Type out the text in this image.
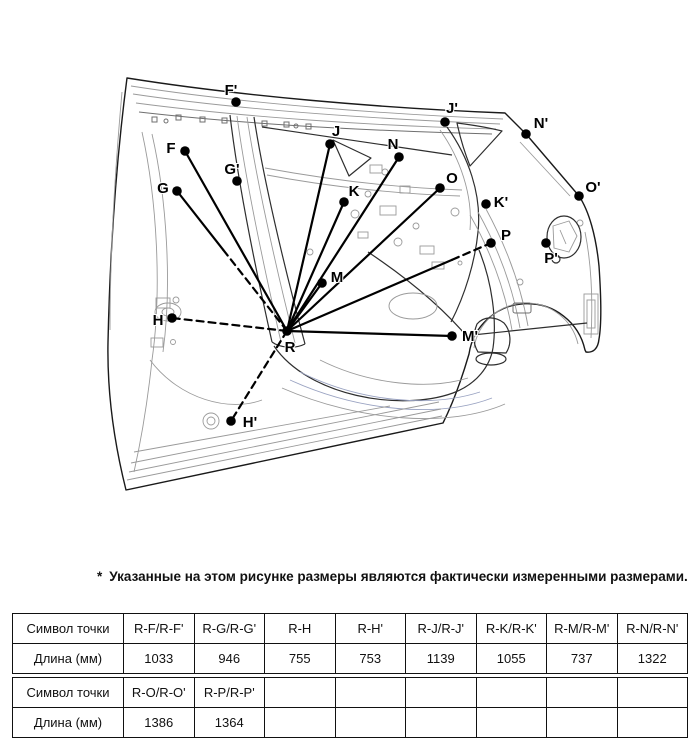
F
F'
G
G'
H
H'
J
J'
K
K'
M
M'
N
N'
O
O'
P
P'
R
* Указанные на этом рисунке размеры являются фактически измеренными размерами.
Символ точки	R-F/R-F'	R-G/R-G'	R-H	R-H'	R-J/R-J'	R-K/R-K'	R-M/R-M'	R-N/R-N'
Длина (мм)	1033	946	755	753	1139	1055	737	1322
Символ точки	R-O/R-O'	R-P/R-P'						
Длина (мм)	1386	1364						
